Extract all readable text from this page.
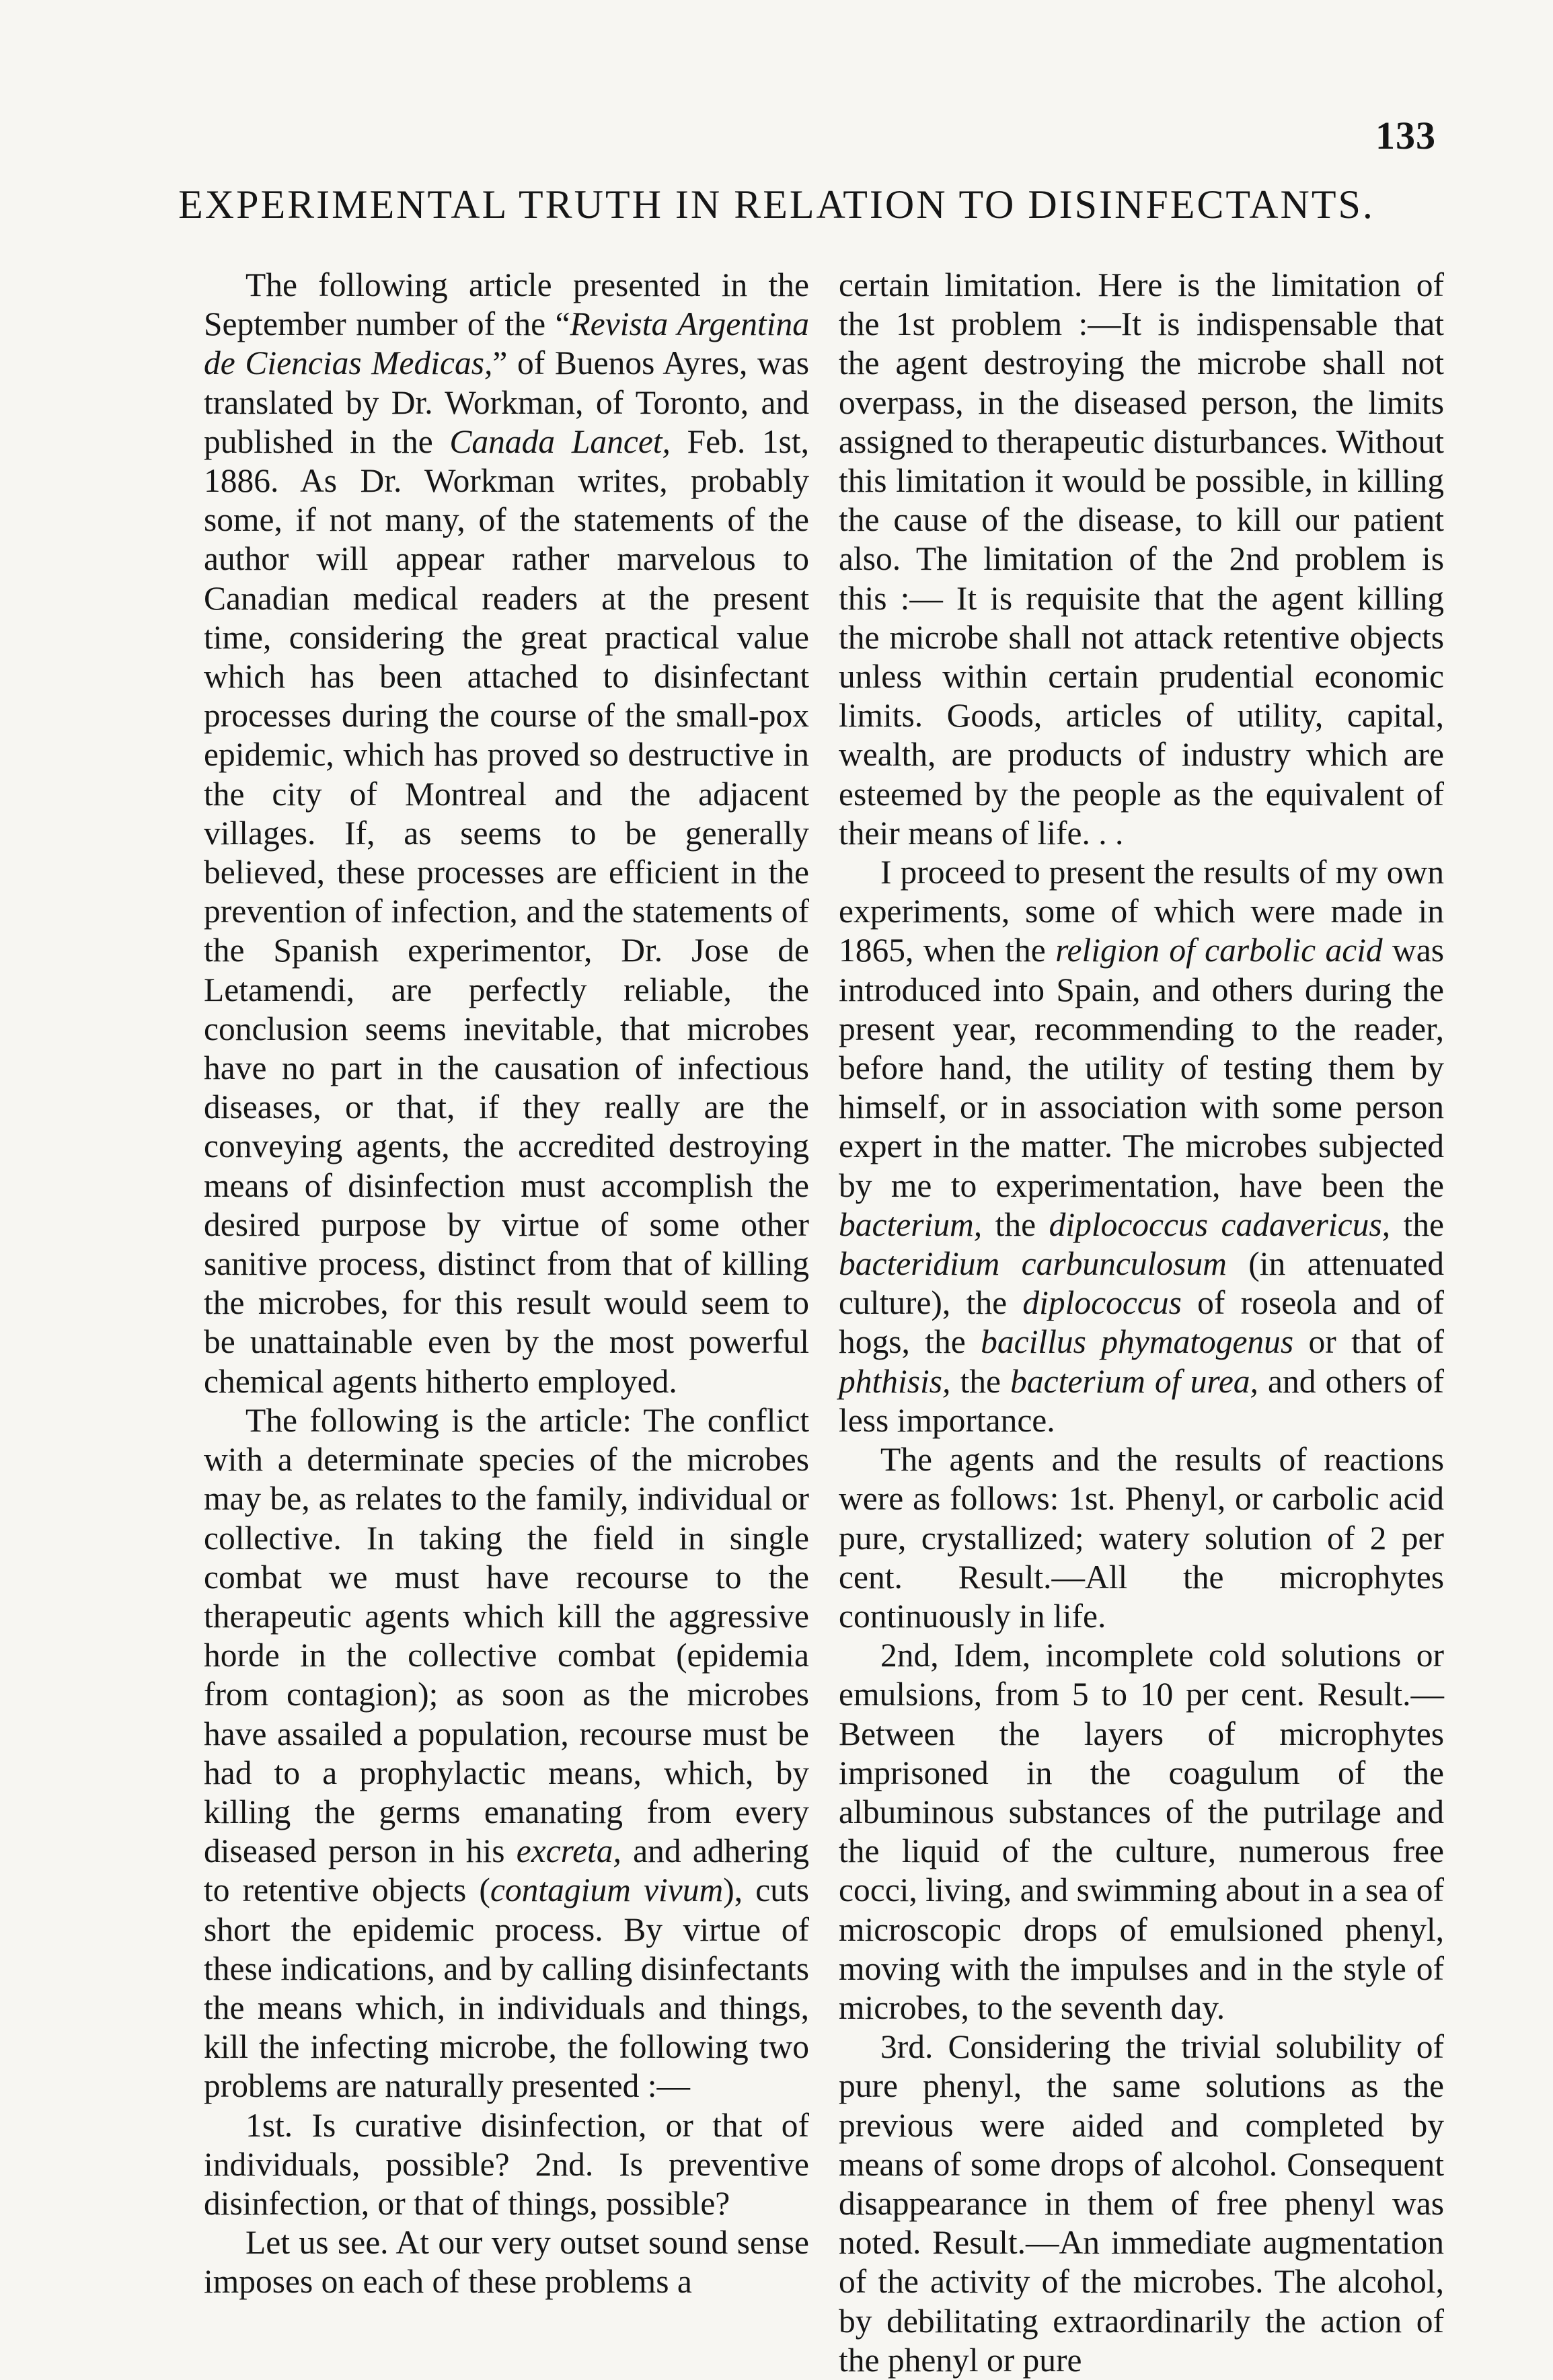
133
EXPERIMENTAL TRUTH IN RELATION TO DISINFECTANTS.

The following article presented in the September number of the “Revista Argentina de Ciencias Medicas,” of Buenos Ayres, was translated by Dr. Workman, of Toronto, and published in the Canada Lancet, Feb. 1st, 1886. As Dr. Workman writes, probably some, if not many, of the statements of the author will appear rather marvelous to Canadian medical readers at the present time, considering the great practical value which has been attached to disinfectant processes during the course of the small-pox epidemic, which has proved so destructive in the city of Montreal and the adjacent villages. If, as seems to be generally believed, these processes are efficient in the prevention of infection, and the statements of the Spanish experimentor, Dr. Jose de Letamendi, are perfectly reliable, the conclusion seems inevitable, that microbes have no part in the causation of infectious diseases, or that, if they really are the conveying agents, the accredited destroying means of disinfection must accomplish the desired purpose by virtue of some other sanitive process, distinct from that of killing the microbes, for this result would seem to be unattainable even by the most powerful chemical agents hitherto employed.

The following is the article: The conflict with a determinate species of the microbes may be, as relates to the family, individual or collective. In taking the field in single combat we must have recourse to the therapeutic agents which kill the aggressive horde in the collective combat (epidemia from contagion); as soon as the microbes have assailed a population, recourse must be had to a prophylactic means, which, by killing the germs emanating from every diseased person in his excreta, and adhering to retentive objects (contagium vivum), cuts short the epidemic process. By virtue of these indications, and by calling disinfectants the means which, in individuals and things, kill the infecting microbe, the following two problems are naturally presented :—

1st. Is curative disinfection, or that of individuals, possible? 2nd. Is preventive disinfection, or that of things, possible?

Let us see. At our very outset sound sense imposes on each of these problems a

certain limitation. Here is the limitation of the 1st problem :—It is indispensable that the agent destroying the microbe shall not overpass, in the diseased person, the limits assigned to therapeutic disturbances. Without this limitation it would be possible, in killing the cause of the disease, to kill our patient also. The limitation of the 2nd problem is this :— It is requisite that the agent killing the microbe shall not attack retentive objects unless within certain prudential economic limits. Goods, articles of utility, capital, wealth, are products of industry which are esteemed by the people as the equivalent of their means of life. . .

I proceed to present the results of my own experiments, some of which were made in 1865, when the religion of carbolic acid was introduced into Spain, and others during the present year, recommending to the reader, before hand, the utility of testing them by himself, or in association with some person expert in the matter. The microbes subjected by me to experimentation, have been the bacterium, the diplococcus cadavericus, the bacteridium carbunculosum (in attenuated culture), the diplococcus of roseola and of hogs, the bacillus phymatogenus or that of phthisis, the bacterium of urea, and others of less importance.

The agents and the results of reactions were as follows: 1st. Phenyl, or carbolic acid pure, crystallized; watery solution of 2 per cent. Result.—All the microphytes continuously in life.

2nd, Idem, incomplete cold solutions or emulsions, from 5 to 10 per cent. Result.—Between the layers of microphytes imprisoned in the coagulum of the albuminous substances of the putrilage and the liquid of the culture, numerous free cocci, living, and swimming about in a sea of microscopic drops of emulsioned phenyl, moving with the impulses and in the style of microbes, to the seventh day.

3rd. Considering the trivial solubility of pure phenyl, the same solutions as the previous were aided and completed by means of some drops of alcohol. Consequent disappearance in them of free phenyl was noted. Result.—An immediate augmentation of the activity of the microbes. The alcohol, by debilitating extraordinarily the action of the phenyl or pure
